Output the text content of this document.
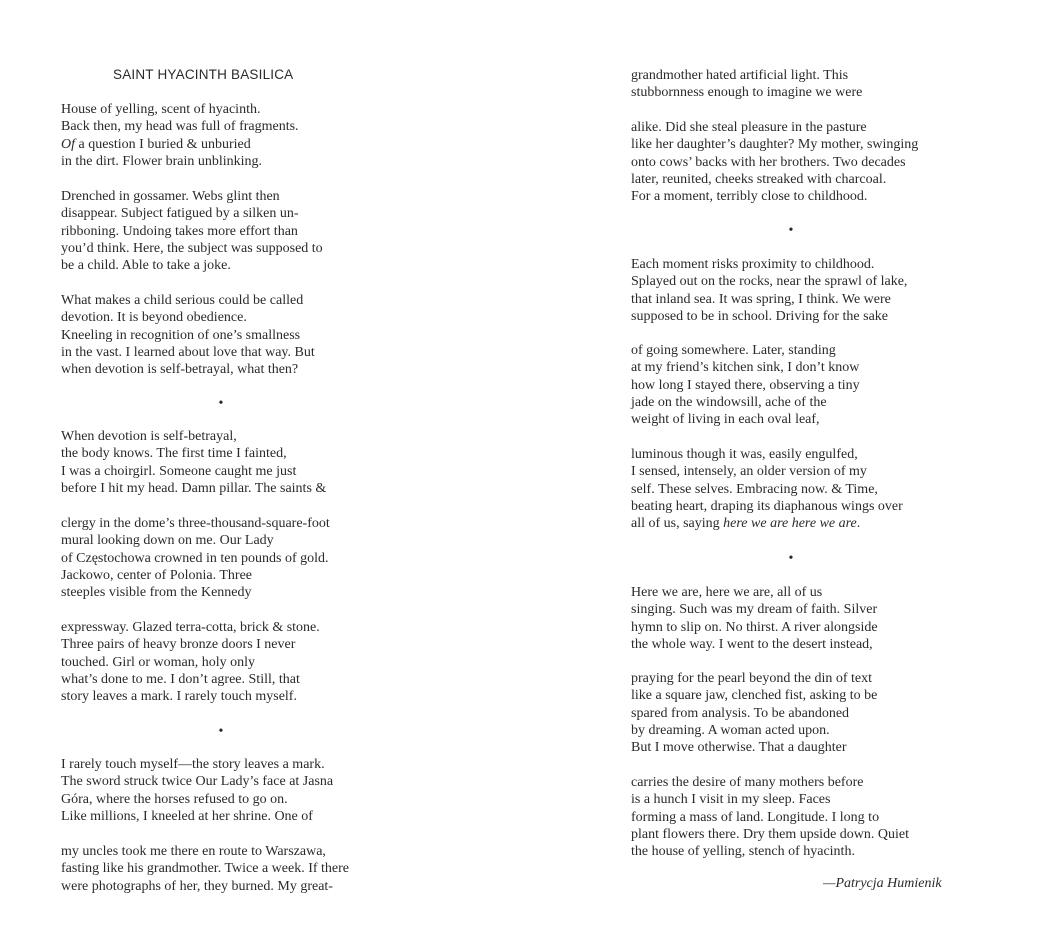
SAINT HYACINTH BASILICA
House of yelling, scent of hyacinth.
Back then, my head was full of fragments.
Of a question I buried & unburied
in the dirt. Flower brain unblinking.
Drenched in gossamer. Webs glint then
disappear. Subject fatigued by a silken un-
ribboning. Undoing takes more effort than
you’d think. Here, the subject was supposed to
be a child. Able to take a joke.
What makes a child serious could be called
devotion. It is beyond obedience.
Kneeling in recognition of one’s smallness
in the vast. I learned about love that way. But
when devotion is self-betrayal, what then?
•
When devotion is self-betrayal,
the body knows. The first time I fainted,
I was a choirgirl. Someone caught me just
before I hit my head. Damn pillar. The saints &
clergy in the dome’s three-thousand-square-foot
mural looking down on me. Our Lady
of Częstochowa crowned in ten pounds of gold.
Jackowo, center of Polonia. Three
steeples visible from the Kennedy
expressway. Glazed terra-cotta, brick & stone.
Three pairs of heavy bronze doors I never
touched. Girl or woman, holy only
what’s done to me. I don’t agree. Still, that
story leaves a mark. I rarely touch myself.
•
I rarely touch myself—the story leaves a mark.
The sword struck twice Our Lady’s face at Jasna
Góra, where the horses refused to go on.
Like millions, I kneeled at her shrine. One of
my uncles took me there en route to Warszawa,
fasting like his grandmother. Twice a week. If there
were photographs of her, they burned. My great-
grandmother hated artificial light. This
stubbornness enough to imagine we were
alike. Did she steal pleasure in the pasture
like her daughter’s daughter? My mother, swinging
onto cows’ backs with her brothers. Two decades
later, reunited, cheeks streaked with charcoal.
For a moment, terribly close to childhood.
•
Each moment risks proximity to childhood.
Splayed out on the rocks, near the sprawl of lake,
that inland sea. It was spring, I think. We were
supposed to be in school. Driving for the sake
of going somewhere. Later, standing
at my friend’s kitchen sink, I don’t know
how long I stayed there, observing a tiny
jade on the windowsill, ache of the
weight of living in each oval leaf,
luminous though it was, easily engulfed,
I sensed, intensely, an older version of my
self. These selves. Embracing now. & Time,
beating heart, draping its diaphanous wings over
all of us, saying here we are here we are.
•
Here we are, here we are, all of us
singing. Such was my dream of faith. Silver
hymn to slip on. No thirst. A river alongside
the whole way. I went to the desert instead,
praying for the pearl beyond the din of text
like a square jaw, clenched fist, asking to be
spared from analysis. To be abandoned
by dreaming. A woman acted upon.
But I move otherwise. That a daughter
carries the desire of many mothers before
is a hunch I visit in my sleep. Faces
forming a mass of land. Longitude. I long to
plant flowers there. Dry them upside down. Quiet
the house of yelling, stench of hyacinth.
—Patrycja Humienik
